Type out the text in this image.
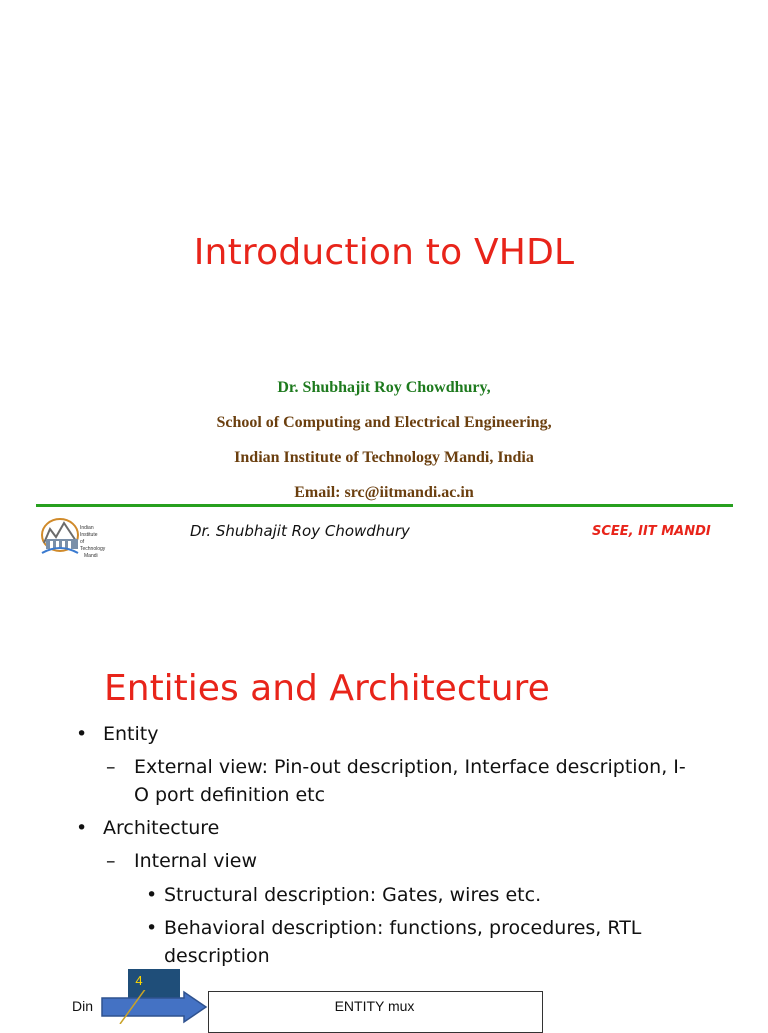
Introduction to VHDL
Dr. Shubhajit Roy Chowdhury,
School of Computing and Electrical Engineering,
Indian Institute of Technology Mandi, India
Email: src@iitmandi.ac.in
Indian
Institute
of
Technology
Mandi
Dr. Shubhajit Roy Chowdhury	SCEE, IIT MANDI
Entities and Architecture
• Entity
– External view: Pin-out description, Interface description, I-O port definition etc
• Architecture
– Internal view
• Structural description: Gates, wires etc.
• Behavioral description: functions, procedures, RTL description
Din
4
ENTITY mux
